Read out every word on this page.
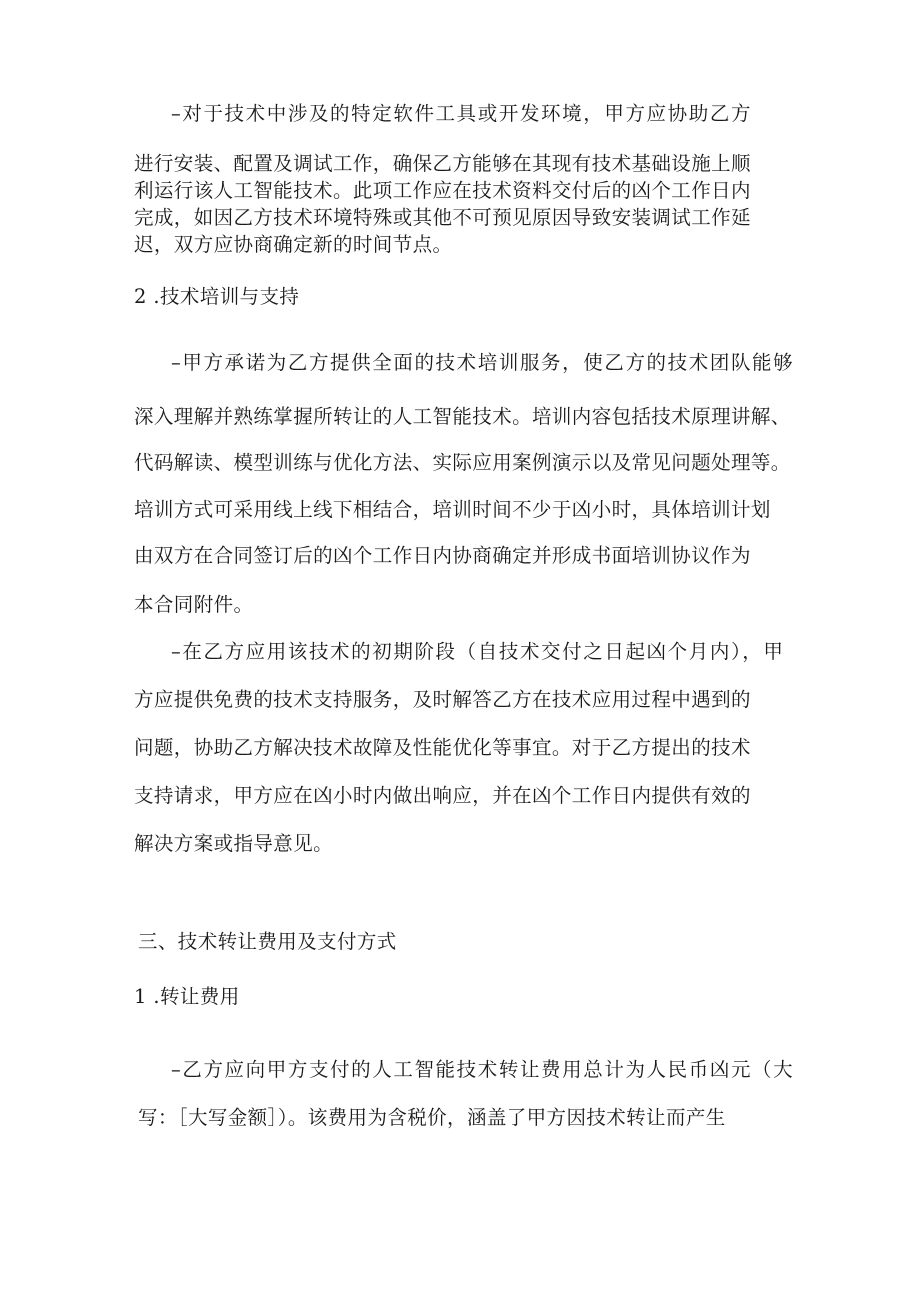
–对于技术中涉及的特定软件工具或开发环境，甲方应协助乙方
进行安装、配置及调试工作，确保乙方能够在其现有技术基础设施上顺
利运行该人工智能技术。此项工作应在技术资料交付后的凶个工作日内
完成，如因乙方技术环境特殊或其他不可预见原因导致安装调试工作延
迟，双方应协商确定新的时间节点。
2 .技术培训与支持
–甲方承诺为乙方提供全面的技术培训服务，使乙方的技术团队能够
深入理解并熟练掌握所转让的人工智能技术。培训内容包括技术原理讲解、
代码解读、模型训练与优化方法、实际应用案例演示以及常见问题处理等。
培训方式可采用线上线下相结合，培训时间不少于凶小时，具体培训计划
由双方在合同签订后的凶个工作日内协商确定并形成书面培训协议作为
本合同附件。
–在乙方应用该技术的初期阶段（自技术交付之日起凶个月内），甲
方应提供免费的技术支持服务，及时解答乙方在技术应用过程中遇到的
问题，协助乙方解决技术故障及性能优化等事宜。对于乙方提出的技术
支持请求，甲方应在凶小时内做出响应，并在凶个工作日内提供有效的
解决方案或指导意见。
三、技术转让费用及支付方式
1 .转让费用
–乙方应向甲方支付的人工智能技术转让费用总计为人民币凶元（大
写：［大写金额］）。该费用为含税价，涵盖了甲方因技术转让而产生
